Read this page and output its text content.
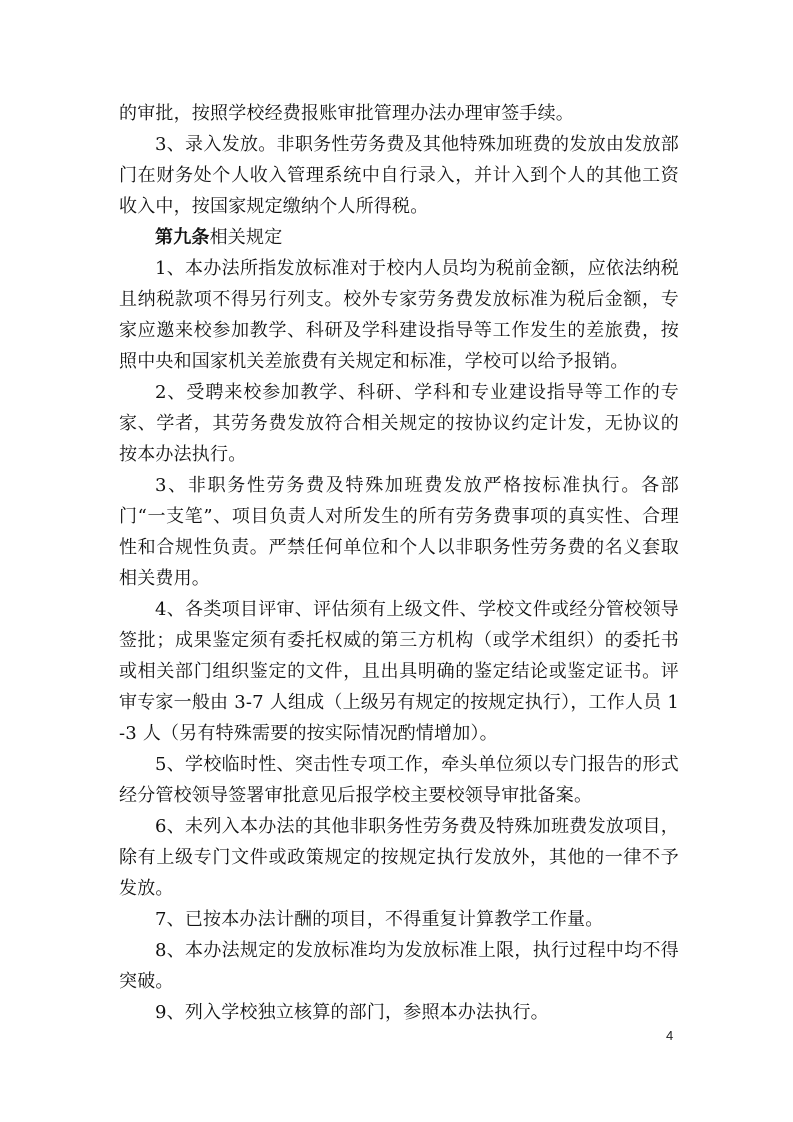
的审批，按照学校经费报账审批管理办法办理审签手续。

3、录入发放。非职务性劳务费及其他特殊加班费的发放由发放部门在财务处个人收入管理系统中自行录入，并计入到个人的其他工资收入中，按国家规定缴纳个人所得税。

第九条相关规定

1、本办法所指发放标准对于校内人员均为税前金额，应依法纳税且纳税款项不得另行列支。校外专家劳务费发放标准为税后金额，专家应邀来校参加教学、科研及学科建设指导等工作发生的差旅费，按照中央和国家机关差旅费有关规定和标准，学校可以给予报销。

2、受聘来校参加教学、科研、学科和专业建设指导等工作的专家、学者，其劳务费发放符合相关规定的按协议约定计发，无协议的按本办法执行。

3、非职务性劳务费及特殊加班费发放严格按标准执行。各部门“一支笔”、项目负责人对所发生的所有劳务费事项的真实性、合理性和合规性负责。严禁任何单位和个人以非职务性劳务费的名义套取相关费用。

4、各类项目评审、评估须有上级文件、学校文件或经分管校领导签批；成果鉴定须有委托权威的第三方机构（或学术组织）的委托书或相关部门组织鉴定的文件，且出具明确的鉴定结论或鉴定证书。评审专家一般由 3-7 人组成（上级另有规定的按规定执行），工作人员 1-3 人（另有特殊需要的按实际情况酌情增加）。

5、学校临时性、突击性专项工作，牵头单位须以专门报告的形式经分管校领导签署审批意见后报学校主要校领导审批备案。

6、未列入本办法的其他非职务性劳务费及特殊加班费发放项目，除有上级专门文件或政策规定的按规定执行发放外，其他的一律不予发放。

7、已按本办法计酬的项目，不得重复计算教学工作量。

8、本办法规定的发放标准均为发放标准上限，执行过程中均不得突破。

9、列入学校独立核算的部门，参照本办法执行。

4
